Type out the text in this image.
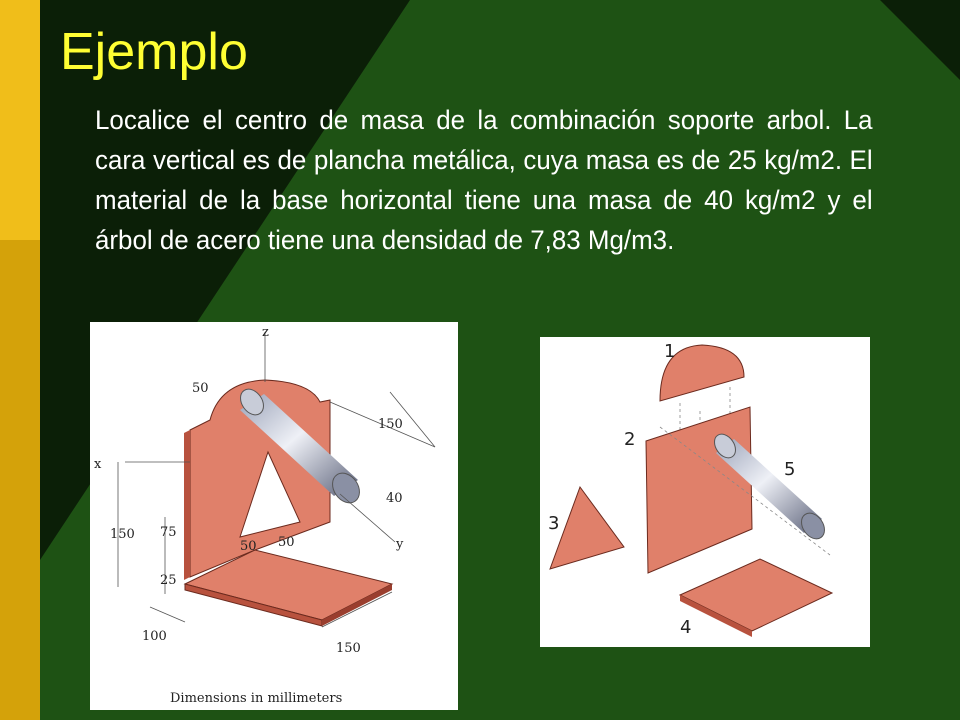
Ejemplo
Localice el centro de masa de la combinación soporte arbol. La cara vertical es de plancha metálica, cuya masa es de 25 kg/m2. El material de la base horizontal tiene una masa de 40 kg/m2 y el árbol de acero tiene una densidad de 7,83 Mg/m3.
z
x
y
50
150
40
150 75
25
50 50
100
150
Dimensions in millimeters
1
2
3
4
5
